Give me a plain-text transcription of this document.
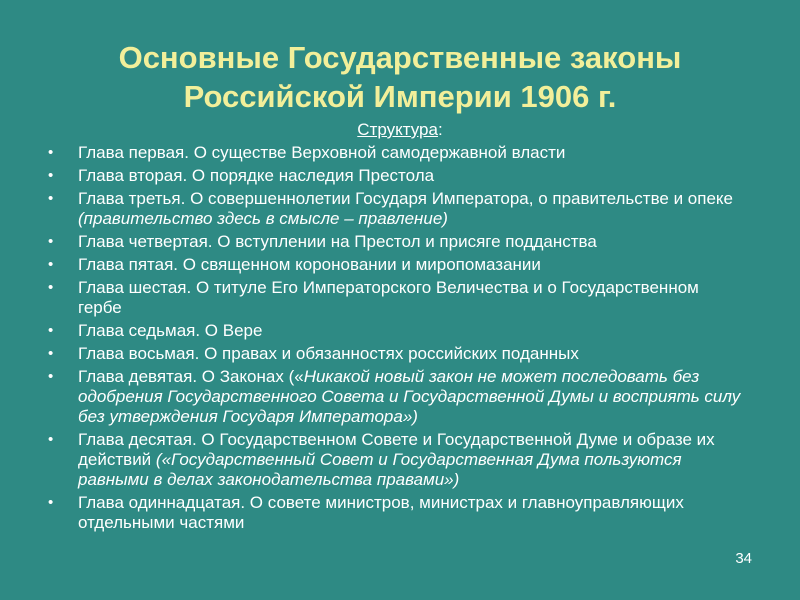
Основные Государственные законы
Российской Империи 1906 г.
Структура:
• Глава первая. О существе Верховной самодержавной власти
• Глава вторая. О порядке наследия Престола
• Глава третья. О совершеннолетии Государя Императора, о правительстве и опеке (правительство здесь в смысле – правление)
• Глава четвертая. О вступлении на Престол и присяге подданства
• Глава пятая. О священном короновании и миропомазании
• Глава шестая. О титуле Его Императорского Величества и о Государственном гербе
• Глава седьмая. О Вере
• Глава восьмая. О правах и обязанностях российских поданных
• Глава девятая. О Законах («Никакой новый закон не может последовать без одобрения Государственного Совета и Государственной Думы и восприять силу без утверждения Государя Императора»)
• Глава десятая. О Государственном Совете и Государственной Думе и образе их действий («Государственный Совет и Государственная Дума пользуются равными в делах законодательства правами»)
• Глава одиннадцатая. О совете министров, министрах и главноуправляющих отдельными частями
34
